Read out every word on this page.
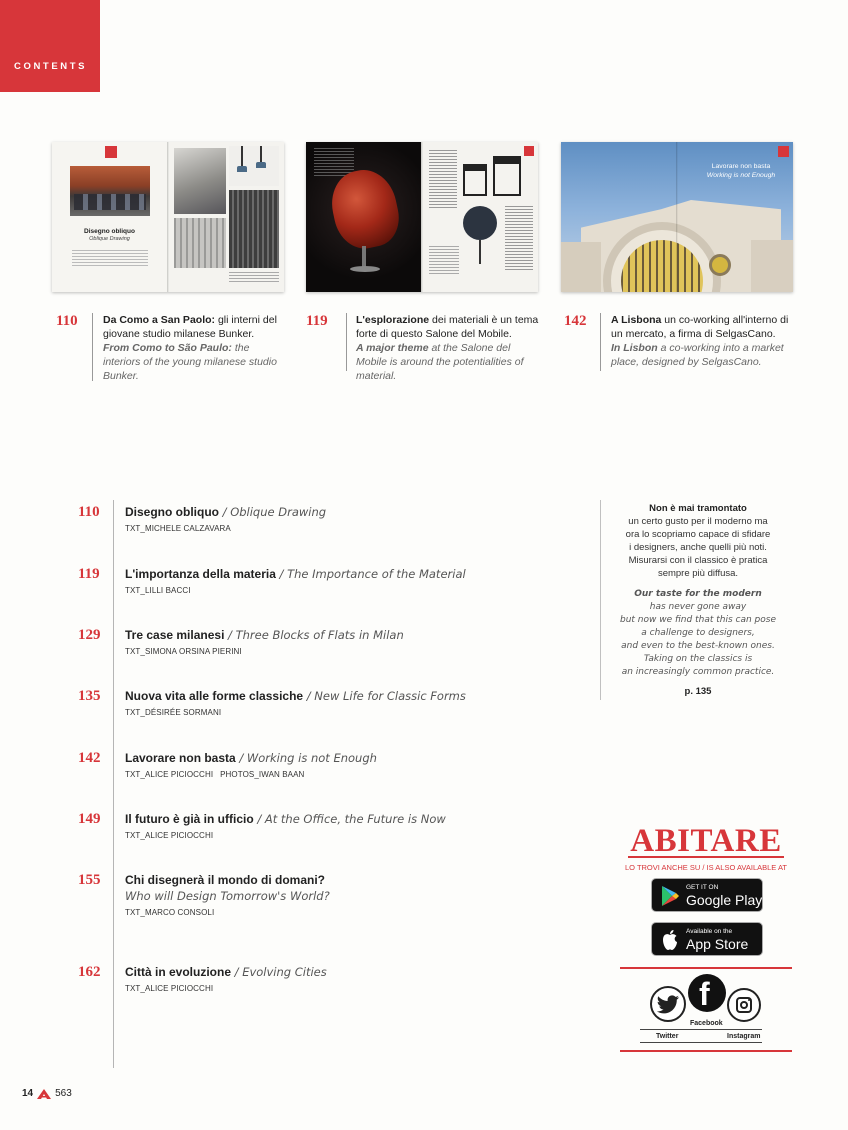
CONTENTS
Disegno obliquo
Oblique Drawing
Lavorare non basta
Working is not Enough
110 Da Como a San Paolo: gli interni del giovane studio milanese Bunker.
From Como to São Paulo: the interiors of the young milanese studio Bunker.
119	L'esplorazione dei materiali è un tema forte di questo Salone del Mobile.
A major theme at the Salone del Mobile is around the potentialities of material.
142 A Lisbona un co-working all'interno di un mercato, a firma di SelgasCano.
In Lisbon a co-working into a market place, designed by SelgasCano.
110 Disegno obliquo / Oblique Drawing
TXT_MICHELE CALZAVARA
119 L'importanza della materia / The Importance of the Material
TXT_LILLI BACCI
129 Tre case milanesi / Three Blocks of Flats in Milan
TXT_SIMONA ORSINA PIERINI
135 Nuova vita alle forme classiche / New Life for Classic Forms
TXT_DÉSIRÉE SORMANI
142 Lavorare non basta / Working is not Enough
TXT_ALICE PICIOCCHI   PHOTOS_IWAN BAAN
149 Il futuro è già in ufficio / At the Office, the Future is Now
TXT_ALICE PICIOCCHI
155 Chi disegnerà il mondo di domani?
Who will Design Tomorrow's World?
TXT_MARCO CONSOLI
162 Città in evoluzione / Evolving Cities
TXT_ALICE PICIOCCHI
Non è mai tramontato
un certo gusto per il moderno ma
ora lo scopriamo capace di sfidare
i designers, anche quelli più noti.
Misurarsi con il classico è pratica
sempre più diffusa.
Our taste for the modern
has never gone away
but now we find that this can pose
a challenge to designers,
and even to the best-known ones.
Taking on the classics is
an increasingly common practice.
p. 135
ABITARE
LO TROVI ANCHE SU / IS ALSO AVAILABLE AT
GET IT ON
Google Play
Available on the
App Store
f
Facebook
Twitter	Instagram
14 563
